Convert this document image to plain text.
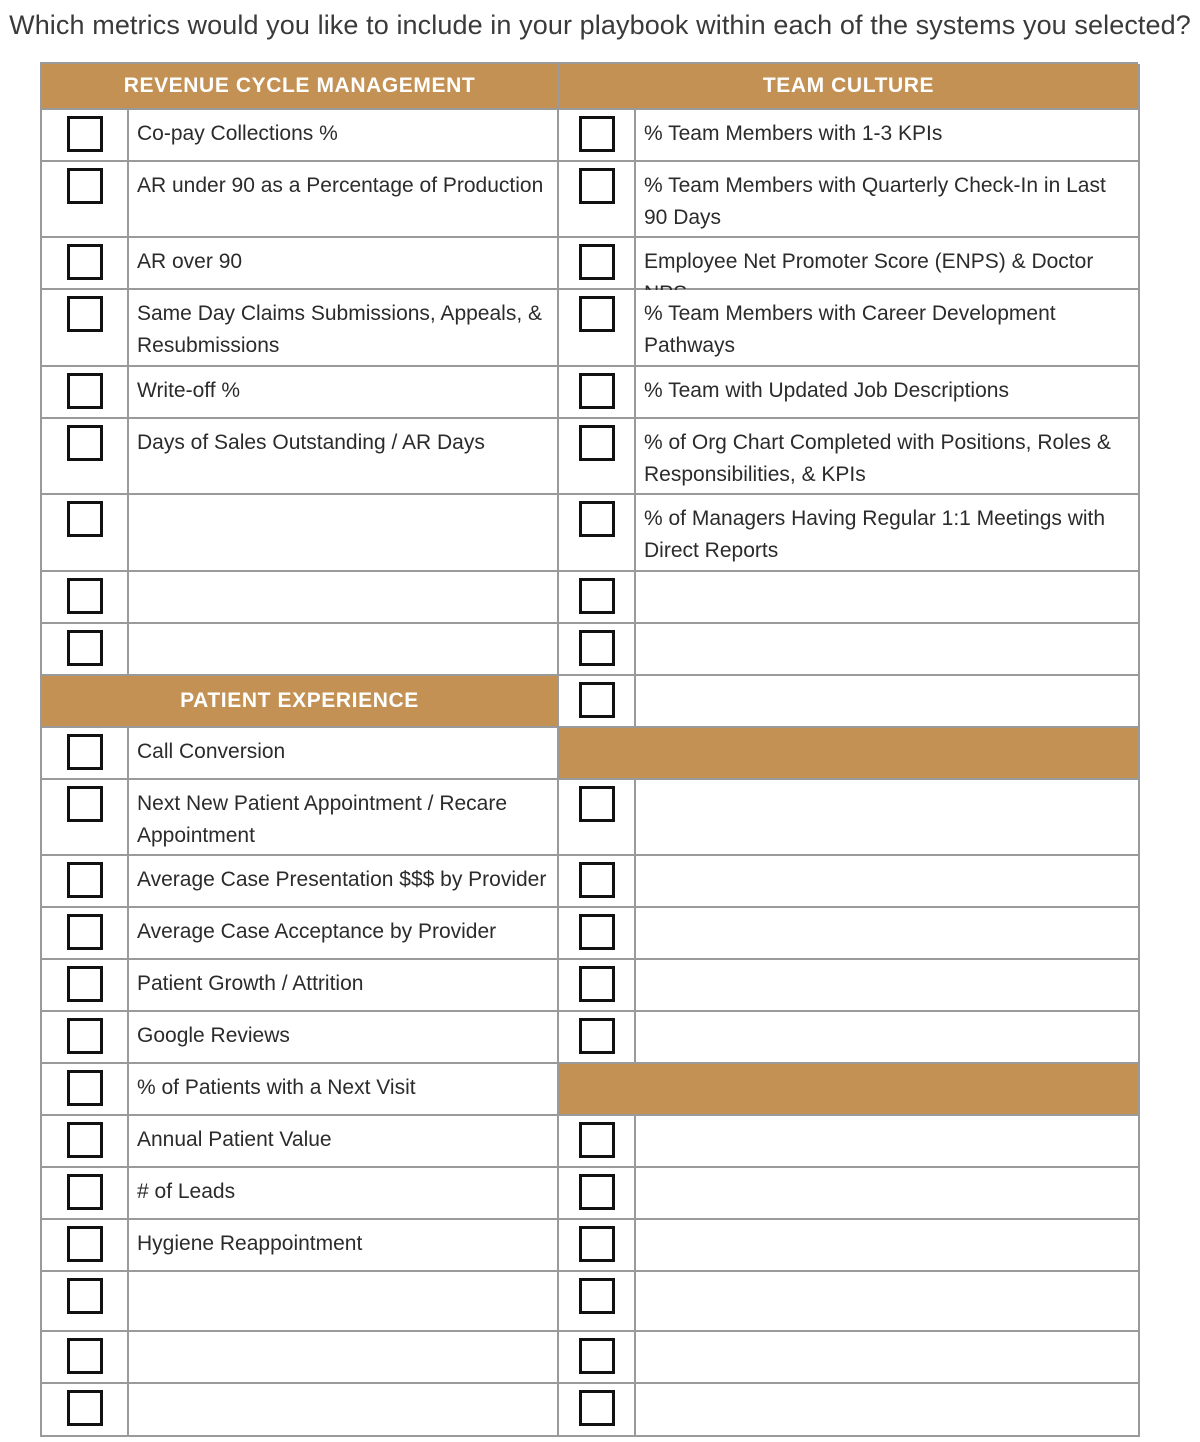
Which metrics would you like to include in your playbook within each of the systems you selected?
REVENUE CYCLE MANAGEMENT	TEAM CULTURE
Co-pay Collections %
AR under 90 as a Percentage of Production
AR over 90
Same Day Claims Submissions, Appeals, & Resubmissions
Write-off %
Days of Sales Outstanding / AR Days
PATIENT EXPERIENCE
Call Conversion
Next New Patient Appointment / Recare Appointment
Average Case Presentation $$$ by Provider
Average Case Acceptance by Provider
Patient Growth / Attrition
Google Reviews
% of Patients with a Next Visit
Annual Patient Value
# of Leads
Hygiene Reappointment
% Team Members with 1-3 KPIs
% Team Members with Quarterly Check-In in Last 90 Days
Employee Net Promoter Score (ENPS) & Doctor
% Team Members with Career Development Pathways
% Team with Updated Job Descriptions
% of Org Chart Completed with Positions, Roles & Responsibilities, & KPIs
% of Managers Having Regular 1:1 Meetings with Direct Reports
